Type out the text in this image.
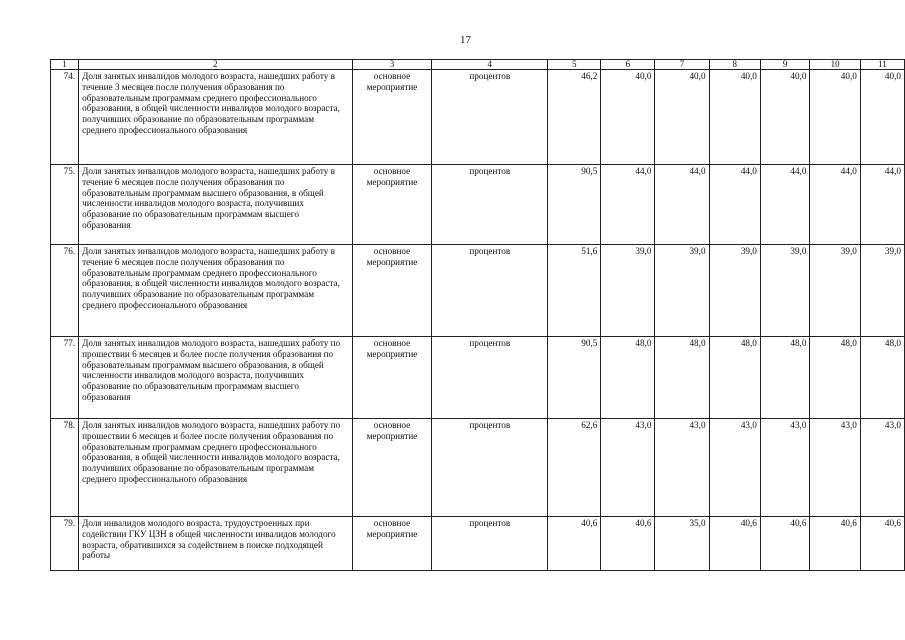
17
1	2	3	4	5	6	7	8	9	10	11
74.	Доля занятых инвалидов молодого возраста, нашедших работу в течение 3 месяцев после получения образования по образовательным программам среднего профессионального образования, в общей численности инвалидов молодого возраста, получивших образование по образовательным программам среднего профессионального образования	основное мероприятие	процентов	46,2	40,0	40,0	40,0	40,0	40,0	40,0
75.	Доля занятых инвалидов молодого возраста, нашедших работу в течение 6 месяцев после получения образования по образовательным программам высшего образования, в общей численности инвалидов молодого возраста, получивших образование по образовательным программам высшего образования	основное мероприятие	процентов	90,5	44,0	44,0	44,0	44,0	44,0	44,0
76.	Доля занятых инвалидов молодого возраста, нашедших работу в течение 6 месяцев после получения образования по образовательным программам среднего профессионального образования, в общей численности инвалидов молодого возраста, получивших образование по образовательным программам среднего профессионального образования	основное мероприятие	процентов	51,6	39,0	39,0	39,0	39,0	39,0	39,0
77.	Доля занятых инвалидов молодого возраста, нашедших работу по прошествии 6 месяцев и более после получения образования по образовательным программам высшего образования, в общей численности инвалидов молодого возраста, получивших образование по образовательным программам высшего образования	основное мероприятие	процентов	90,5	48,0	48,0	48,0	48,0	48,0	48,0
78.	Доля занятых инвалидов молодого возраста, нашедших работу по прошествии 6 месяцев и более после получения образования по образовательным программам среднего профессионального образования, в общей численности инвалидов молодого возраста, получивших образование по образовательным программам среднего профессионального образования	основное мероприятие	процентов	62,6	43,0	43,0	43,0	43,0	43,0	43,0
79.	Доля инвалидов молодого возраста, трудоустроенных при содействии ГКУ ЦЗН в общей численности инвалидов молодого возраста, обратившихся за содействием в поиске подходящей работы	основное мероприятие	процентов	40,6	40,6	35,0	40,6	40,6	40,6	40,6
